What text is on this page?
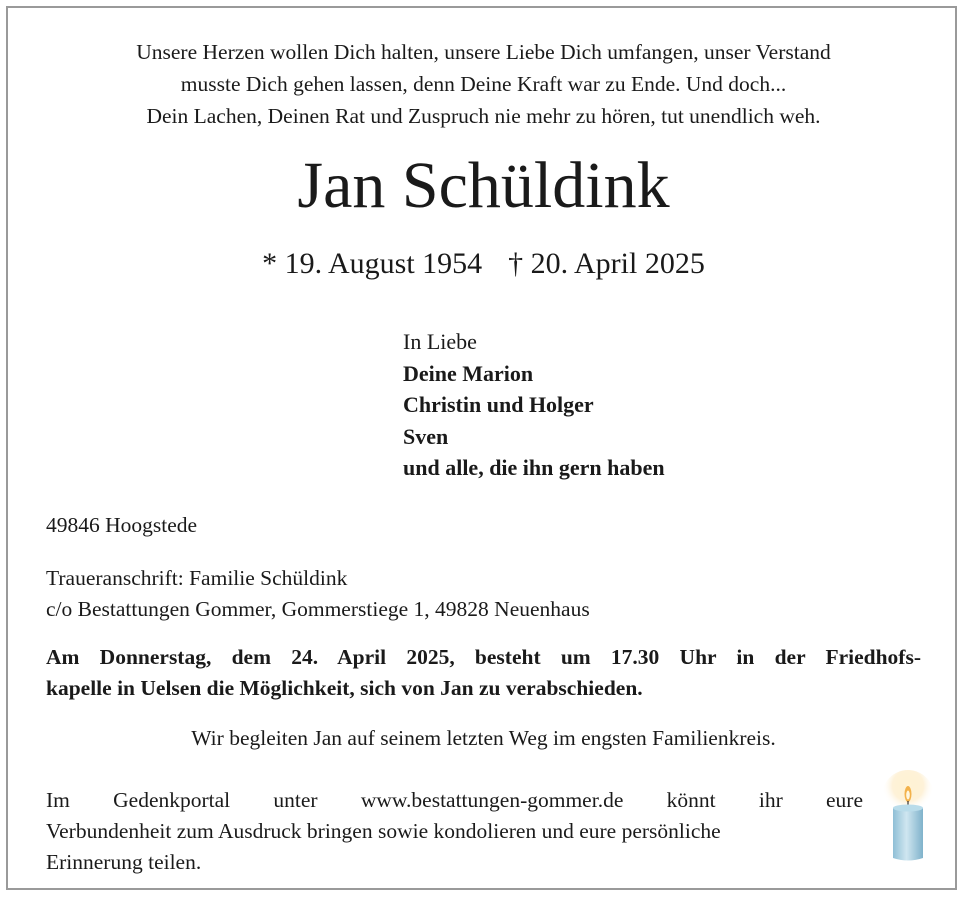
Unsere Herzen wollen Dich halten, unsere Liebe Dich umfangen, unser Verstand
musste Dich gehen lassen, denn Deine Kraft war zu Ende. Und doch...
Dein Lachen, Deinen Rat und Zuspruch nie mehr zu hören, tut unendlich weh.
Jan Schüldink
* 19. August 1954 † 20. April 2025
In Liebe
Deine Marion
Christin und Holger
Sven
und alle, die ihn gern haben
49846 Hoogstede
Traueranschrift: Familie Schüldink
c/o Bestattungen Gommer, Gommerstiege 1, 49828 Neuenhaus
Am Donnerstag, dem 24. April 2025, besteht um 17.30 Uhr in der Friedhofs-
kapelle in Uelsen die Möglichkeit, sich von Jan zu verabschieden.
Wir begleiten Jan auf seinem letzten Weg im engsten Familienkreis.
Im Gedenkportal unter www.bestattungen-gommer.de könnt ihr eure
Verbundenheit zum Ausdruck bringen sowie kondolieren und eure persönliche
Erinnerung teilen.
